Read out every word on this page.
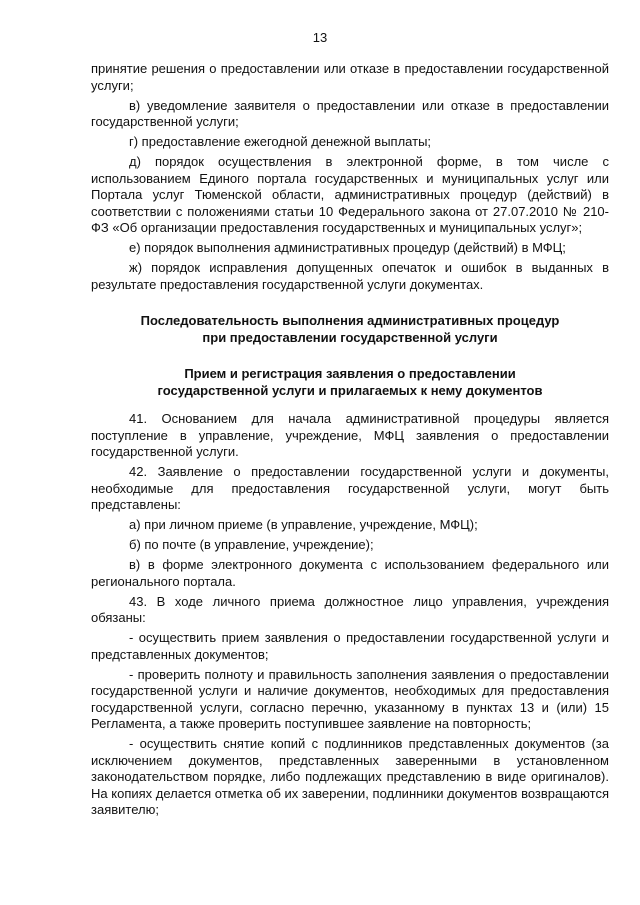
13

принятие решения о предоставлении или отказе в предоставлении государственной услуги;

в) уведомление заявителя о предоставлении или отказе в предоставлении государственной услуги;

г) предоставление ежегодной денежной выплаты;

д) порядок осуществления в электронной форме, в том числе с использованием Единого портала государственных и муниципальных услуг или Портала услуг Тюменской области, административных процедур (действий) в соответствии с положениями статьи 10 Федерального закона от 27.07.2010 № 210-ФЗ «Об организации предоставления государственных и муниципальных услуг»;

е) порядок выполнения административных процедур (действий) в МФЦ;

ж) порядок исправления допущенных опечаток и ошибок в выданных в результате предоставления государственной услуги документах.

Последовательность выполнения административных процедур
при предоставлении государственной услуги
Прием и регистрация заявления о предоставлении
государственной услуги и прилагаемых к нему документов

41. Основанием для начала административной процедуры является поступление в управление, учреждение, МФЦ заявления о предоставлении государственной услуги.

42. Заявление о предоставлении государственной услуги и документы, необходимые для предоставления государственной услуги, могут быть представлены:

а) при личном приеме (в управление, учреждение, МФЦ);

б) по почте (в управление, учреждение);

в) в форме электронного документа с использованием федерального или регионального портала.

43. В ходе личного приема должностное лицо управления, учреждения обязаны:

- осуществить прием заявления о предоставлении государственной услуги и представленных документов;

- проверить полноту и правильность заполнения заявления о предоставлении государственной услуги и наличие документов, необходимых для предоставления государственной услуги, согласно перечню, указанному в пунктах 13 и (или) 15 Регламента, а также проверить поступившее заявление на повторность;

- осуществить снятие копий с подлинников представленных документов (за исключением документов, представленных заверенными в установленном законодательством порядке, либо подлежащих представлению в виде оригиналов). На копиях делается отметка об их заверении, подлинники документов возвращаются заявителю;
